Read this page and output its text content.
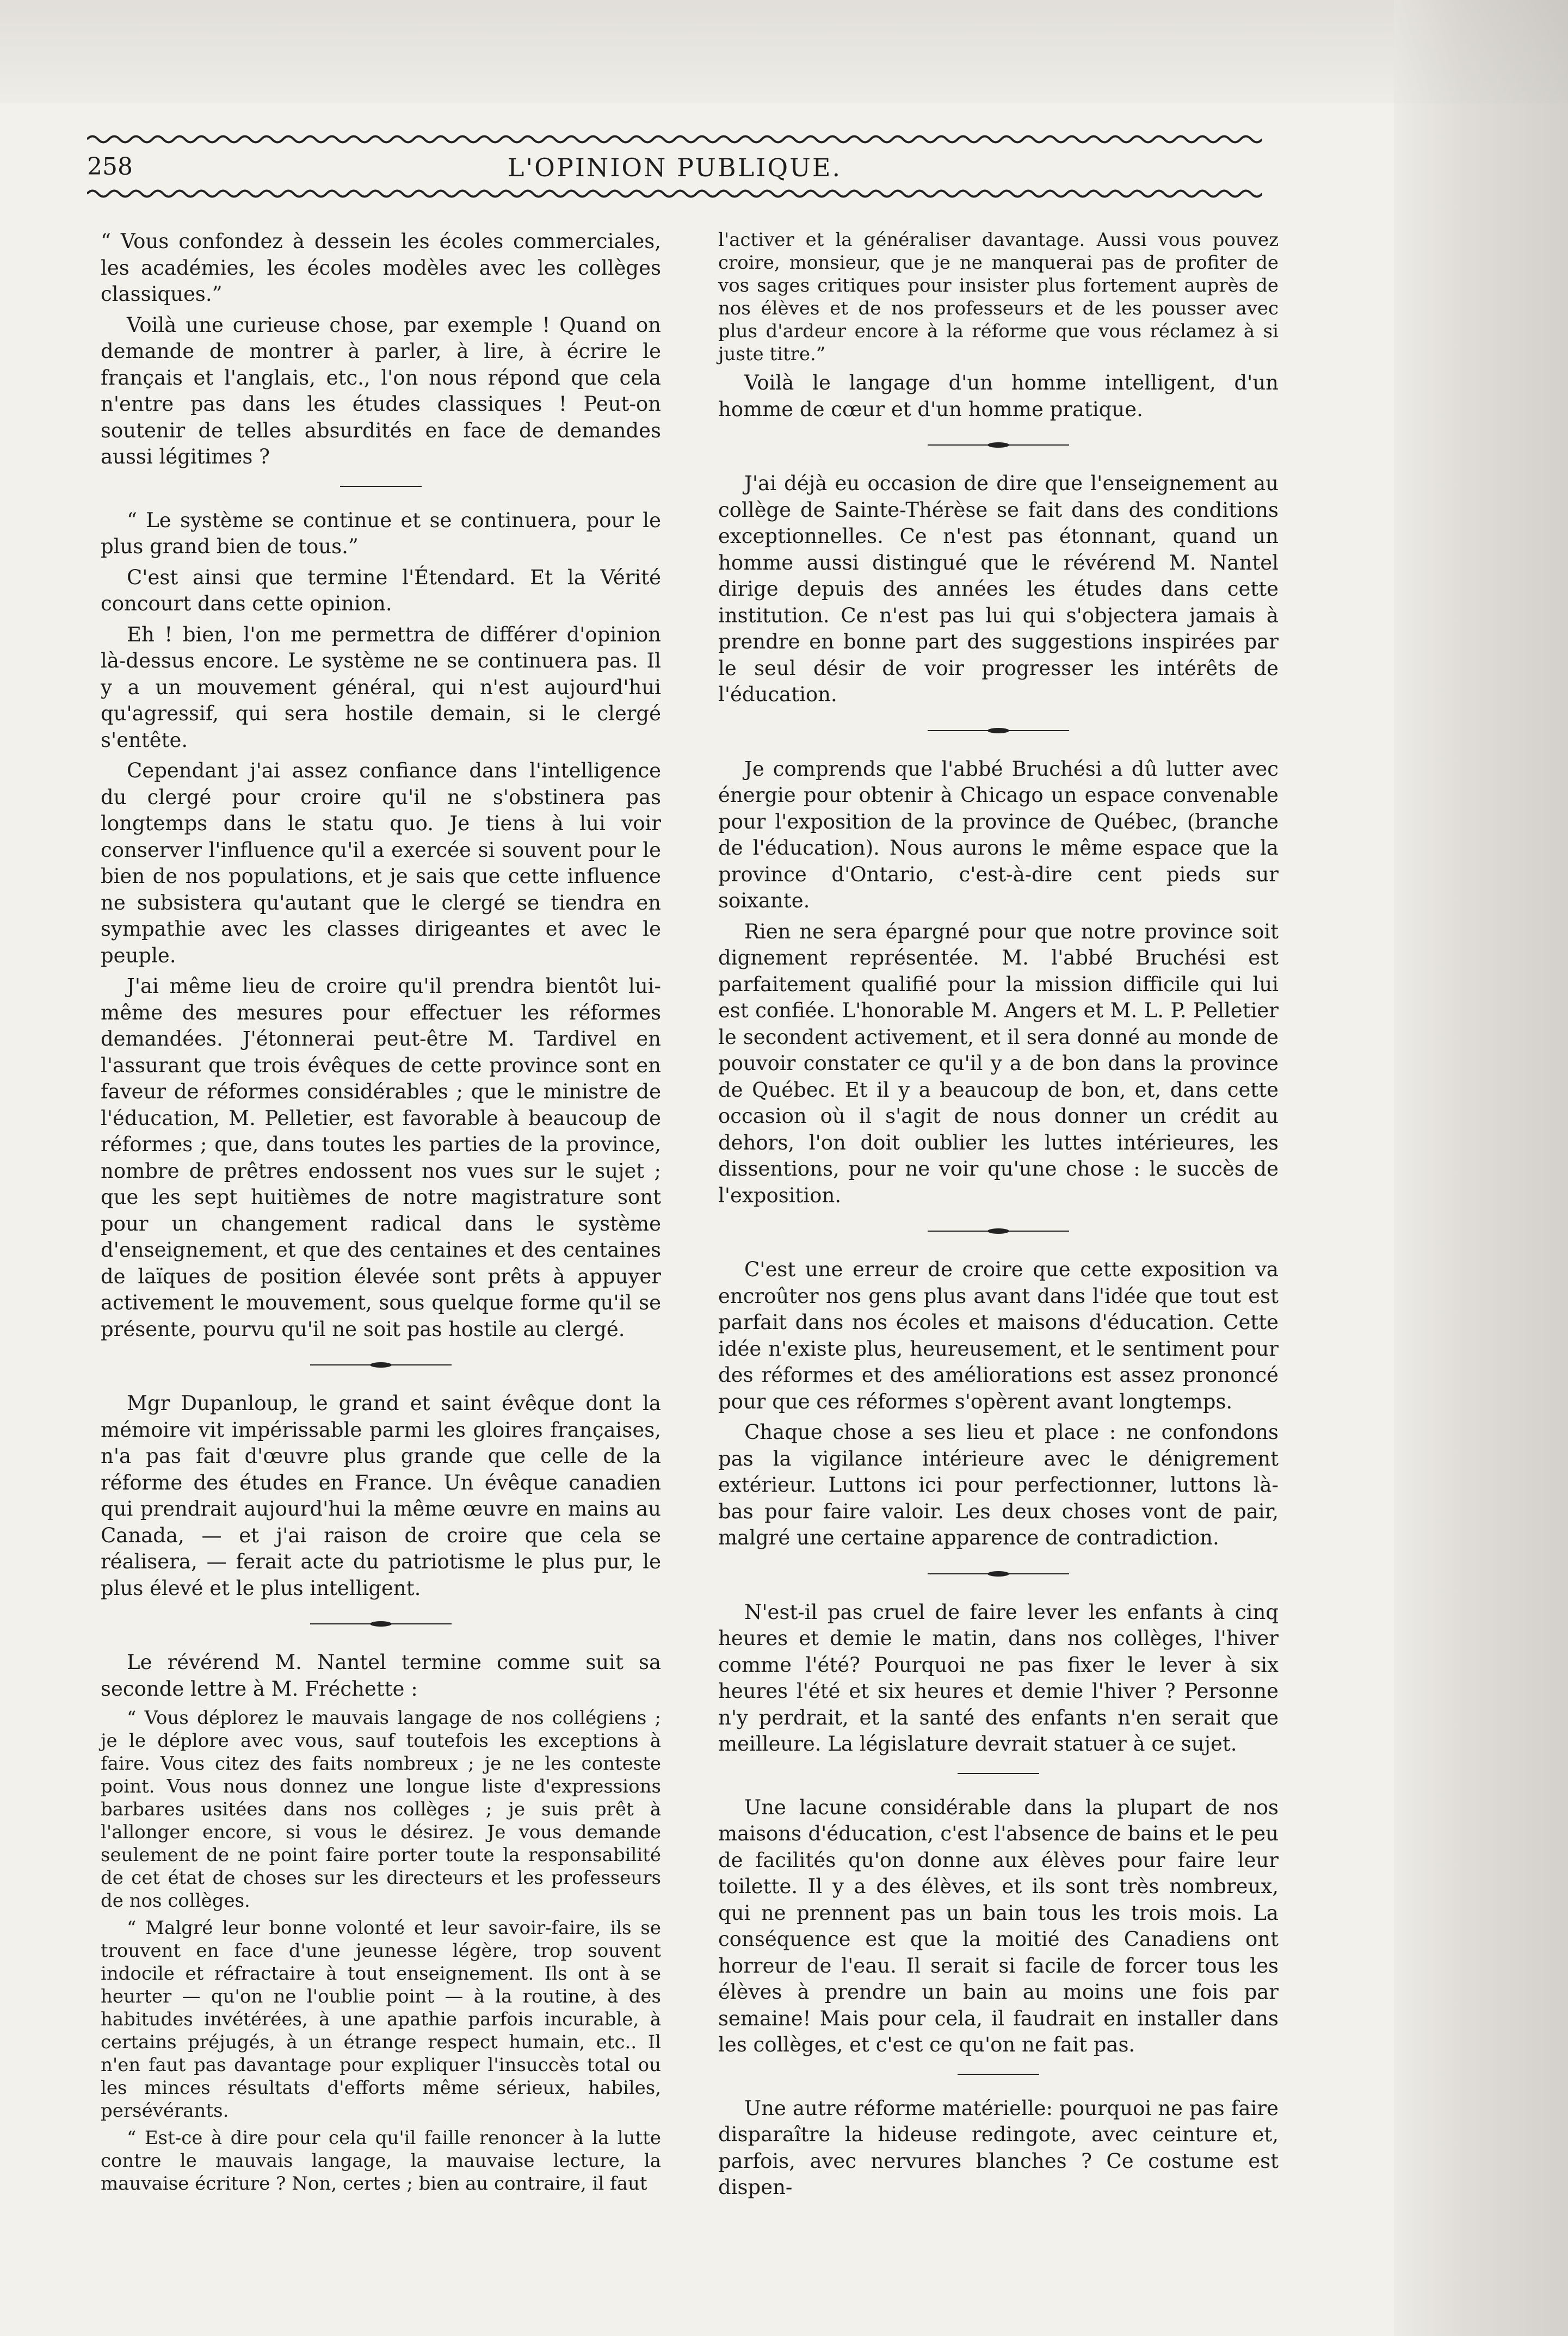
258	L'OPINION PUBLIQUE.

“ Vous confondez à dessein les écoles commerciales, les académies, les écoles modèles avec les collèges classiques.”

Voilà une curieuse chose, par exemple ! Quand on demande de montrer à parler, à lire, à écrire le français et l'anglais, etc., l'on nous répond que cela n'entre pas dans les études classiques ! Peut-on soutenir de telles absurdités en face de demandes aussi légitimes ?

“ Le système se continue et se continuera, pour le plus grand bien de tous.”

C'est ainsi que termine l'Étendard. Et la Vérité concourt dans cette opinion.

Eh ! bien, l'on me permettra de différer d'opinion là-dessus encore. Le système ne se continuera pas. Il y a un mouvement général, qui n'est aujourd'hui qu'agressif, qui sera hostile demain, si le clergé s'entête.

Cependant j'ai assez confiance dans l'intelligence du clergé pour croire qu'il ne s'obstinera pas longtemps dans le statu quo. Je tiens à lui voir conserver l'influence qu'il a exercée si souvent pour le bien de nos populations, et je sais que cette influence ne subsistera qu'autant que le clergé se tiendra en sympathie avec les classes dirigeantes et avec le peuple.

J'ai même lieu de croire qu'il prendra bientôt lui-même des mesures pour effectuer les réformes demandées. J'étonnerai peut-être M. Tardivel en l'assurant que trois évêques de cette province sont en faveur de réformes considérables ; que le ministre de l'éducation, M. Pelletier, est favorable à beaucoup de réformes ; que, dans toutes les parties de la province, nombre de prêtres endossent nos vues sur le sujet ; que les sept huitièmes de notre magistrature sont pour un changement radical dans le système d'enseignement, et que des centaines et des centaines de laïques de position élevée sont prêts à appuyer activement le mouvement, sous quelque forme qu'il se présente, pourvu qu'il ne soit pas hostile au clergé.

Mgr Dupanloup, le grand et saint évêque dont la mémoire vit impérissable parmi les gloires françaises, n'a pas fait d'œuvre plus grande que celle de la réforme des études en France. Un évêque canadien qui prendrait aujourd'hui la même œuvre en mains au Canada, — et j'ai raison de croire que cela se réalisera, — ferait acte du patriotisme le plus pur, le plus élevé et le plus intelligent.

Le révérend M. Nantel termine comme suit sa seconde lettre à M. Fréchette :

“ Vous déplorez le mauvais langage de nos collégiens ; je le déplore avec vous, sauf toutefois les exceptions à faire. Vous citez des faits nombreux ; je ne les conteste point. Vous nous donnez une longue liste d'expressions barbares usitées dans nos collèges ; je suis prêt à l'allonger encore, si vous le désirez. Je vous demande seulement de ne point faire porter toute la responsabilité de cet état de choses sur les directeurs et les professeurs de nos collèges.

“ Malgré leur bonne volonté et leur savoir-faire, ils se trouvent en face d'une jeunesse légère, trop souvent indocile et réfractaire à tout enseignement. Ils ont à se heurter — qu'on ne l'oublie point — à la routine, à des habitudes invétérées, à une apathie parfois incurable, à certains préjugés, à un étrange respect humain, etc.. Il n'en faut pas davantage pour expliquer l'insuccès total ou les minces résultats d'efforts même sérieux, habiles, persévérants.

“ Est-ce à dire pour cela qu'il faille renoncer à la lutte contre le mauvais langage, la mauvaise lecture, la mauvaise écriture ? Non, certes ; bien au contraire, il faut

l'activer et la généraliser davantage. Aussi vous pouvez croire, monsieur, que je ne manquerai pas de profiter de vos sages critiques pour insister plus fortement auprès de nos élèves et de nos professeurs et de les pousser avec plus d'ardeur encore à la réforme que vous réclamez à si juste titre.”

Voilà le langage d'un homme intelligent, d'un homme de cœur et d'un homme pratique.

J'ai déjà eu occasion de dire que l'enseignement au collège de Sainte-Thérèse se fait dans des conditions exceptionnelles. Ce n'est pas étonnant, quand un homme aussi distingué que le révérend M. Nantel dirige depuis des années les études dans cette institution. Ce n'est pas lui qui s'objectera jamais à prendre en bonne part des suggestions inspirées par le seul désir de voir progresser les intérêts de l'éducation.

Je comprends que l'abbé Bruchési a dû lutter avec énergie pour obtenir à Chicago un espace convenable pour l'exposition de la province de Québec, (branche de l'éducation). Nous aurons le même espace que la province d'Ontario, c'est-à-dire cent pieds sur soixante.

Rien ne sera épargné pour que notre province soit dignement représentée. M. l'abbé Bruchési est parfaitement qualifié pour la mission difficile qui lui est confiée. L'honorable M. Angers et M. L. P. Pelletier le secondent activement, et il sera donné au monde de pouvoir constater ce qu'il y a de bon dans la province de Québec. Et il y a beaucoup de bon, et, dans cette occasion où il s'agit de nous donner un crédit au dehors, l'on doit oublier les luttes intérieures, les dissentions, pour ne voir qu'une chose : le succès de l'exposition.

C'est une erreur de croire que cette exposition va encroûter nos gens plus avant dans l'idée que tout est parfait dans nos écoles et maisons d'éducation. Cette idée n'existe plus, heureusement, et le sentiment pour des réformes et des améliorations est assez prononcé pour que ces réformes s'opèrent avant longtemps.

Chaque chose a ses lieu et place : ne confondons pas la vigilance intérieure avec le dénigrement extérieur. Luttons ici pour perfectionner, luttons là-bas pour faire valoir. Les deux choses vont de pair, malgré une certaine apparence de contradiction.

N'est-il pas cruel de faire lever les enfants à cinq heures et demie le matin, dans nos collèges, l'hiver comme l'été? Pourquoi ne pas fixer le lever à six heures l'été et six heures et demie l'hiver ? Personne n'y perdrait, et la santé des enfants n'en serait que meilleure. La législature devrait statuer à ce sujet.

Une lacune considérable dans la plupart de nos maisons d'éducation, c'est l'absence de bains et le peu de facilités qu'on donne aux élèves pour faire leur toilette. Il y a des élèves, et ils sont très nombreux, qui ne prennent pas un bain tous les trois mois. La conséquence est que la moitié des Canadiens ont horreur de l'eau. Il serait si facile de forcer tous les élèves à prendre un bain au moins une fois par semaine! Mais pour cela, il faudrait en installer dans les collèges, et c'est ce qu'on ne fait pas.

Une autre réforme matérielle: pourquoi ne pas faire disparaître la hideuse redingote, avec ceinture et, parfois, avec nervures blanches ? Ce costume est dispen-
